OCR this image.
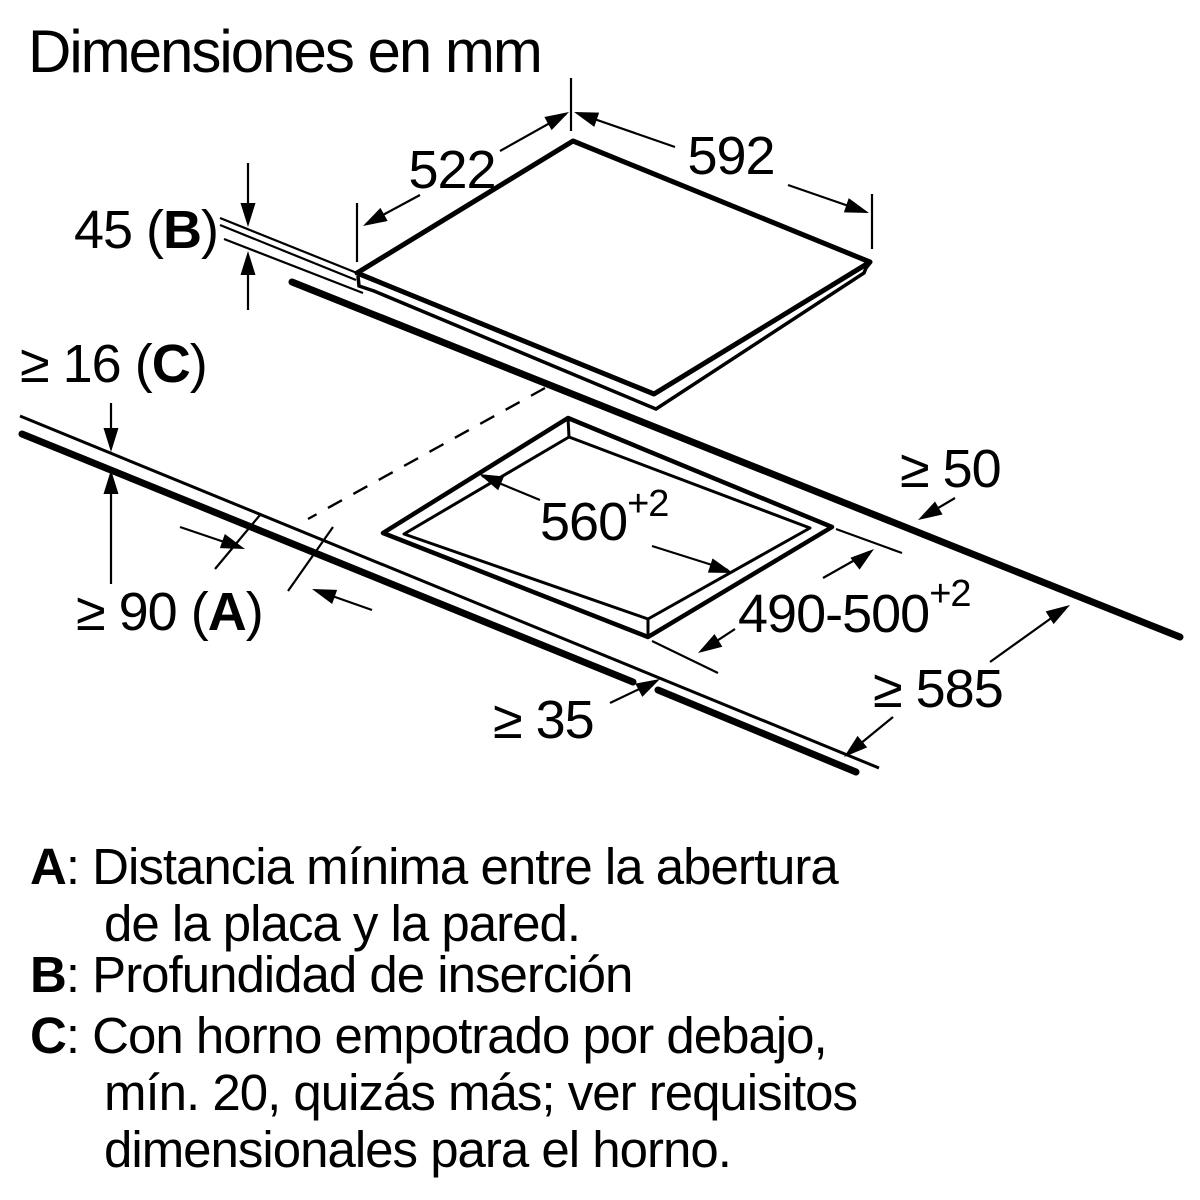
Dimensiones en mm
522	592
45 (B)
≥ 16 (C)
≥ 50
$560^{+2}$
$490-500^{+2}$
≥ 90 (A)
≥ 35
≥ 585
A: Distancia mínima entre la abertura
de la placa y la pared.
B: Profundidad de inserción
C: Con horno empotrado por debajo,
mín. 20, quizás más; ver requisitos
dimensionales para el horno.
